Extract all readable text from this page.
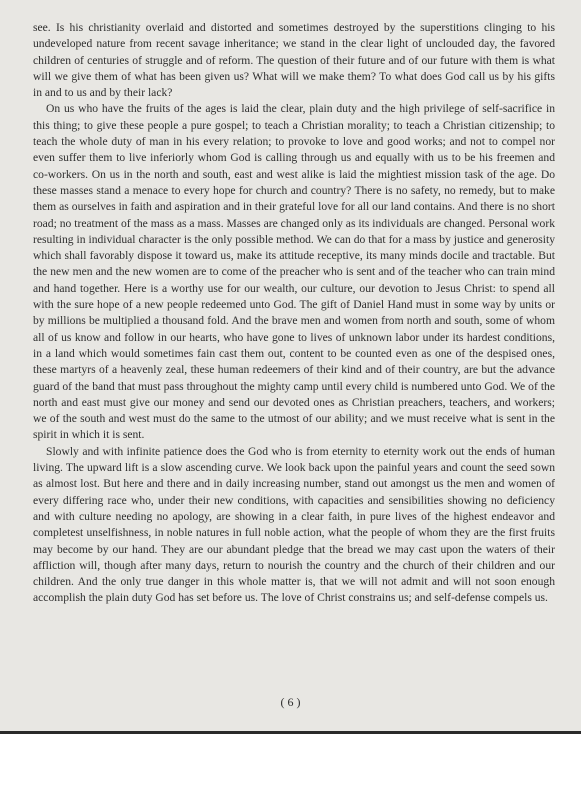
see. Is his christianity overlaid and distorted and sometimes destroyed by the superstitions clinging to his undeveloped nature from recent savage inheritance; we stand in the clear light of unclouded day, the favored children of centuries of struggle and of reform. The question of their future and of our future with them is what will we give them of what has been given us? What will we make them? To what does God call us by his gifts in and to us and by their lack?

On us who have the fruits of the ages is laid the clear, plain duty and the high privilege of self-sacrifice in this thing; to give these people a pure gospel; to teach a Christian morality; to teach a Christian citizenship; to teach the whole duty of man in his every relation; to provoke to love and good works; and not to compel nor even suffer them to live inferiorly whom God is calling through us and equally with us to be his freemen and co-workers. On us in the north and south, east and west alike is laid the mightiest mission task of the age. Do these masses stand a menace to every hope for church and country? There is no safety, no remedy, but to make them as ourselves in faith and aspiration and in their grateful love for all our land contains. And there is no short road; no treatment of the mass as a mass. Masses are changed only as its individuals are changed. Personal work resulting in individual character is the only possible method. We can do that for a mass by justice and generosity which shall favorably dispose it toward us, make its attitude receptive, its many minds docile and tractable. But the new men and the new women are to come of the preacher who is sent and of the teacher who can train mind and hand together. Here is a worthy use for our wealth, our culture, our devotion to Jesus Christ: to spend all with the sure hope of a new people redeemed unto God. The gift of Daniel Hand must in some way by units or by millions be multiplied a thousand fold. And the brave men and women from north and south, some of whom all of us know and follow in our hearts, who have gone to lives of unknown labor under its hardest conditions, in a land which would sometimes fain cast them out, content to be counted even as one of the despised ones, these martyrs of a heavenly zeal, these human redeemers of their kind and of their country, are but the advance guard of the band that must pass throughout the mighty camp until every child is numbered unto God. We of the north and east must give our money and send our devoted ones as Christian preachers, teachers, and workers; we of the south and west must do the same to the utmost of our ability; and we must receive what is sent in the spirit in which it is sent.

Slowly and with infinite patience does the God who is from eternity to eternity work out the ends of human living. The upward lift is a slow ascending curve. We look back upon the painful years and count the seed sown as almost lost. But here and there and in daily increasing number, stand out amongst us the men and women of every differing race who, under their new conditions, with capacities and sensibilities showing no deficiency and with culture needing no apology, are showing in a clear faith, in pure lives of the highest endeavor and completest unselfishness, in noble natures in full noble action, what the people of whom they are the first fruits may become by our hand. They are our abundant pledge that the bread we may cast upon the waters of their affliction will, though after many days, return to nourish the country and the church of their children and our children. And the only true danger in this whole matter is, that we will not admit and will not soon enough accomplish the plain duty God has set before us. The love of Christ constrains us; and self-defense compels us.

( 6 )
